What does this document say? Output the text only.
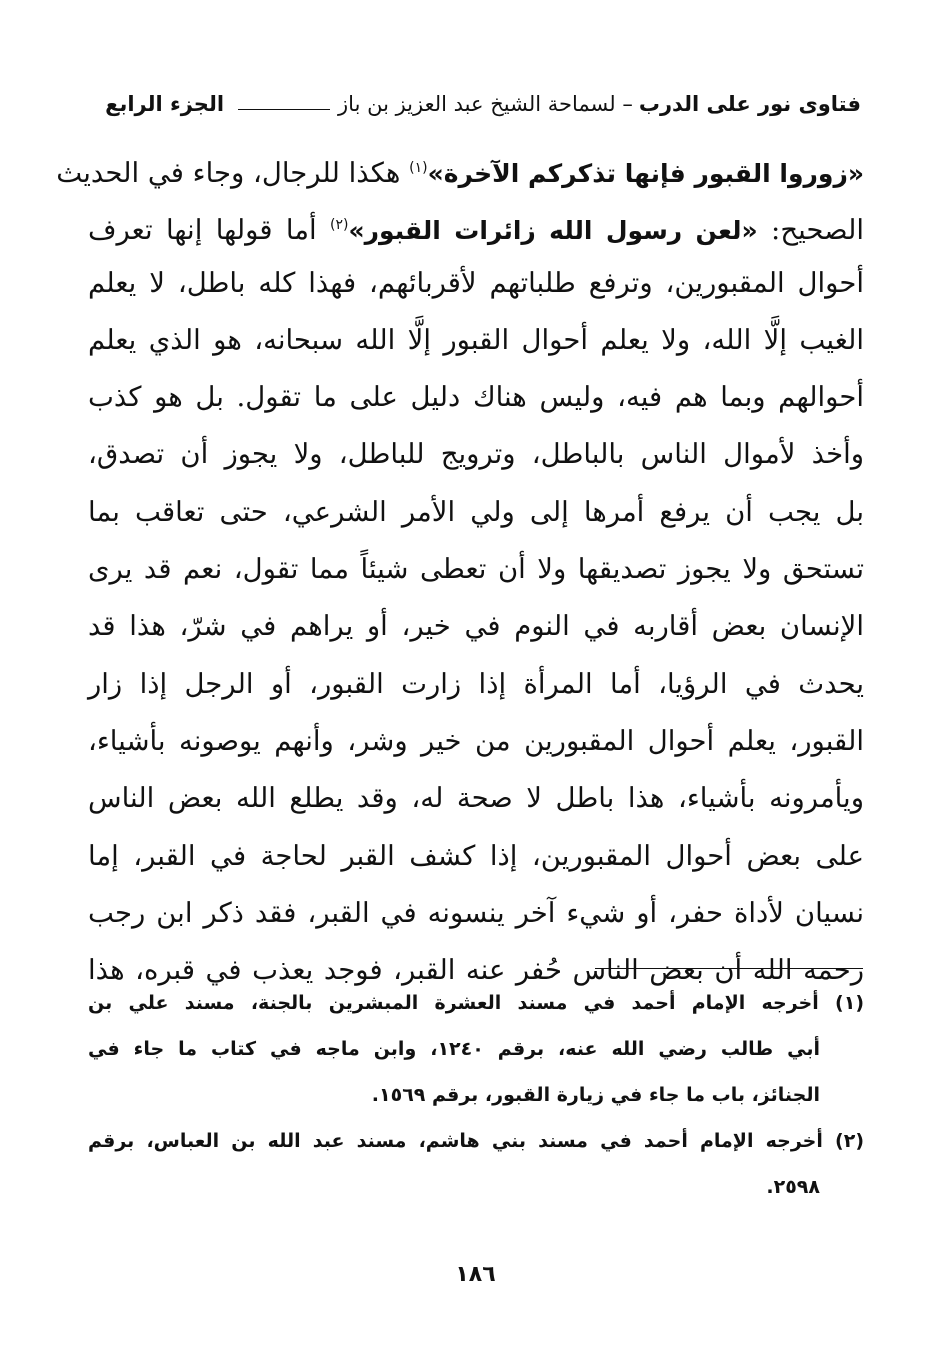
فتاوى نور على الدرب
– لسماحة الشيخ عبد العزيز بن باز
الجزء الرابع
«زوروا القبور فإنها تذكركم الآخرة»$^{(١)}$ هكذا للرجال، وجاء في الحديث
الصحيح: «لعن رسول الله زائرات القبور»$^{(٢)}$ أما قولها إنها تعرف
أحوال المقبورين، وترفع طلباتهم لأقربائهم، فهذا كله باطل، لا يعلم
الغيب إلَّا الله، ولا يعلم أحوال القبور إلَّا الله سبحانه، هو الذي يعلم
أحوالهم وبما هم فيه، وليس هناك دليل على ما تقول. بل هو كذب
وأخذ لأموال الناس بالباطل، وترويج للباطل، ولا يجوز أن تصدق،
بل يجب أن يرفع أمرها إلى ولي الأمر الشرعي، حتى تعاقب بما
تستحق ولا يجوز تصديقها ولا أن تعطى شيئاً مما تقول، نعم قد يرى
الإنسان بعض أقاربه في النوم في خير، أو يراهم في شرّ، هذا قد
يحدث في الرؤيا، أما المرأة إذا زارت القبور، أو الرجل إذا زار
القبور، يعلم أحوال المقبورين من خير وشر، وأنهم يوصونه بأشياء،
ويأمرونه بأشياء، هذا باطل لا صحة له، وقد يطلع الله بعض الناس
على بعض أحوال المقبورين، إذا كشف القبر لحاجة في القبر، إما
نسيان لأداة حفر، أو شيء آخر ينسونه في القبر، فقد ذكر ابن رجب
رحمه الله أن بعض الناس حُفر عنه القبر، فوجد يعذب في قبره، هذا
(١) أخرجه الإمام أحمد في مسند العشرة المبشرين بالجنة، مسند علي بن
أبي طالب رضي الله عنه، برقم ١٢٤٠، وابن ماجه في كتاب ما جاء في
الجنائز، باب ما جاء في زيارة القبور، برقم ١٥٦٩.
(٢) أخرجه الإمام أحمد في مسند بني هاشم، مسند عبد الله بن العباس، برقم
٢٥٩٨.
١٨٦
